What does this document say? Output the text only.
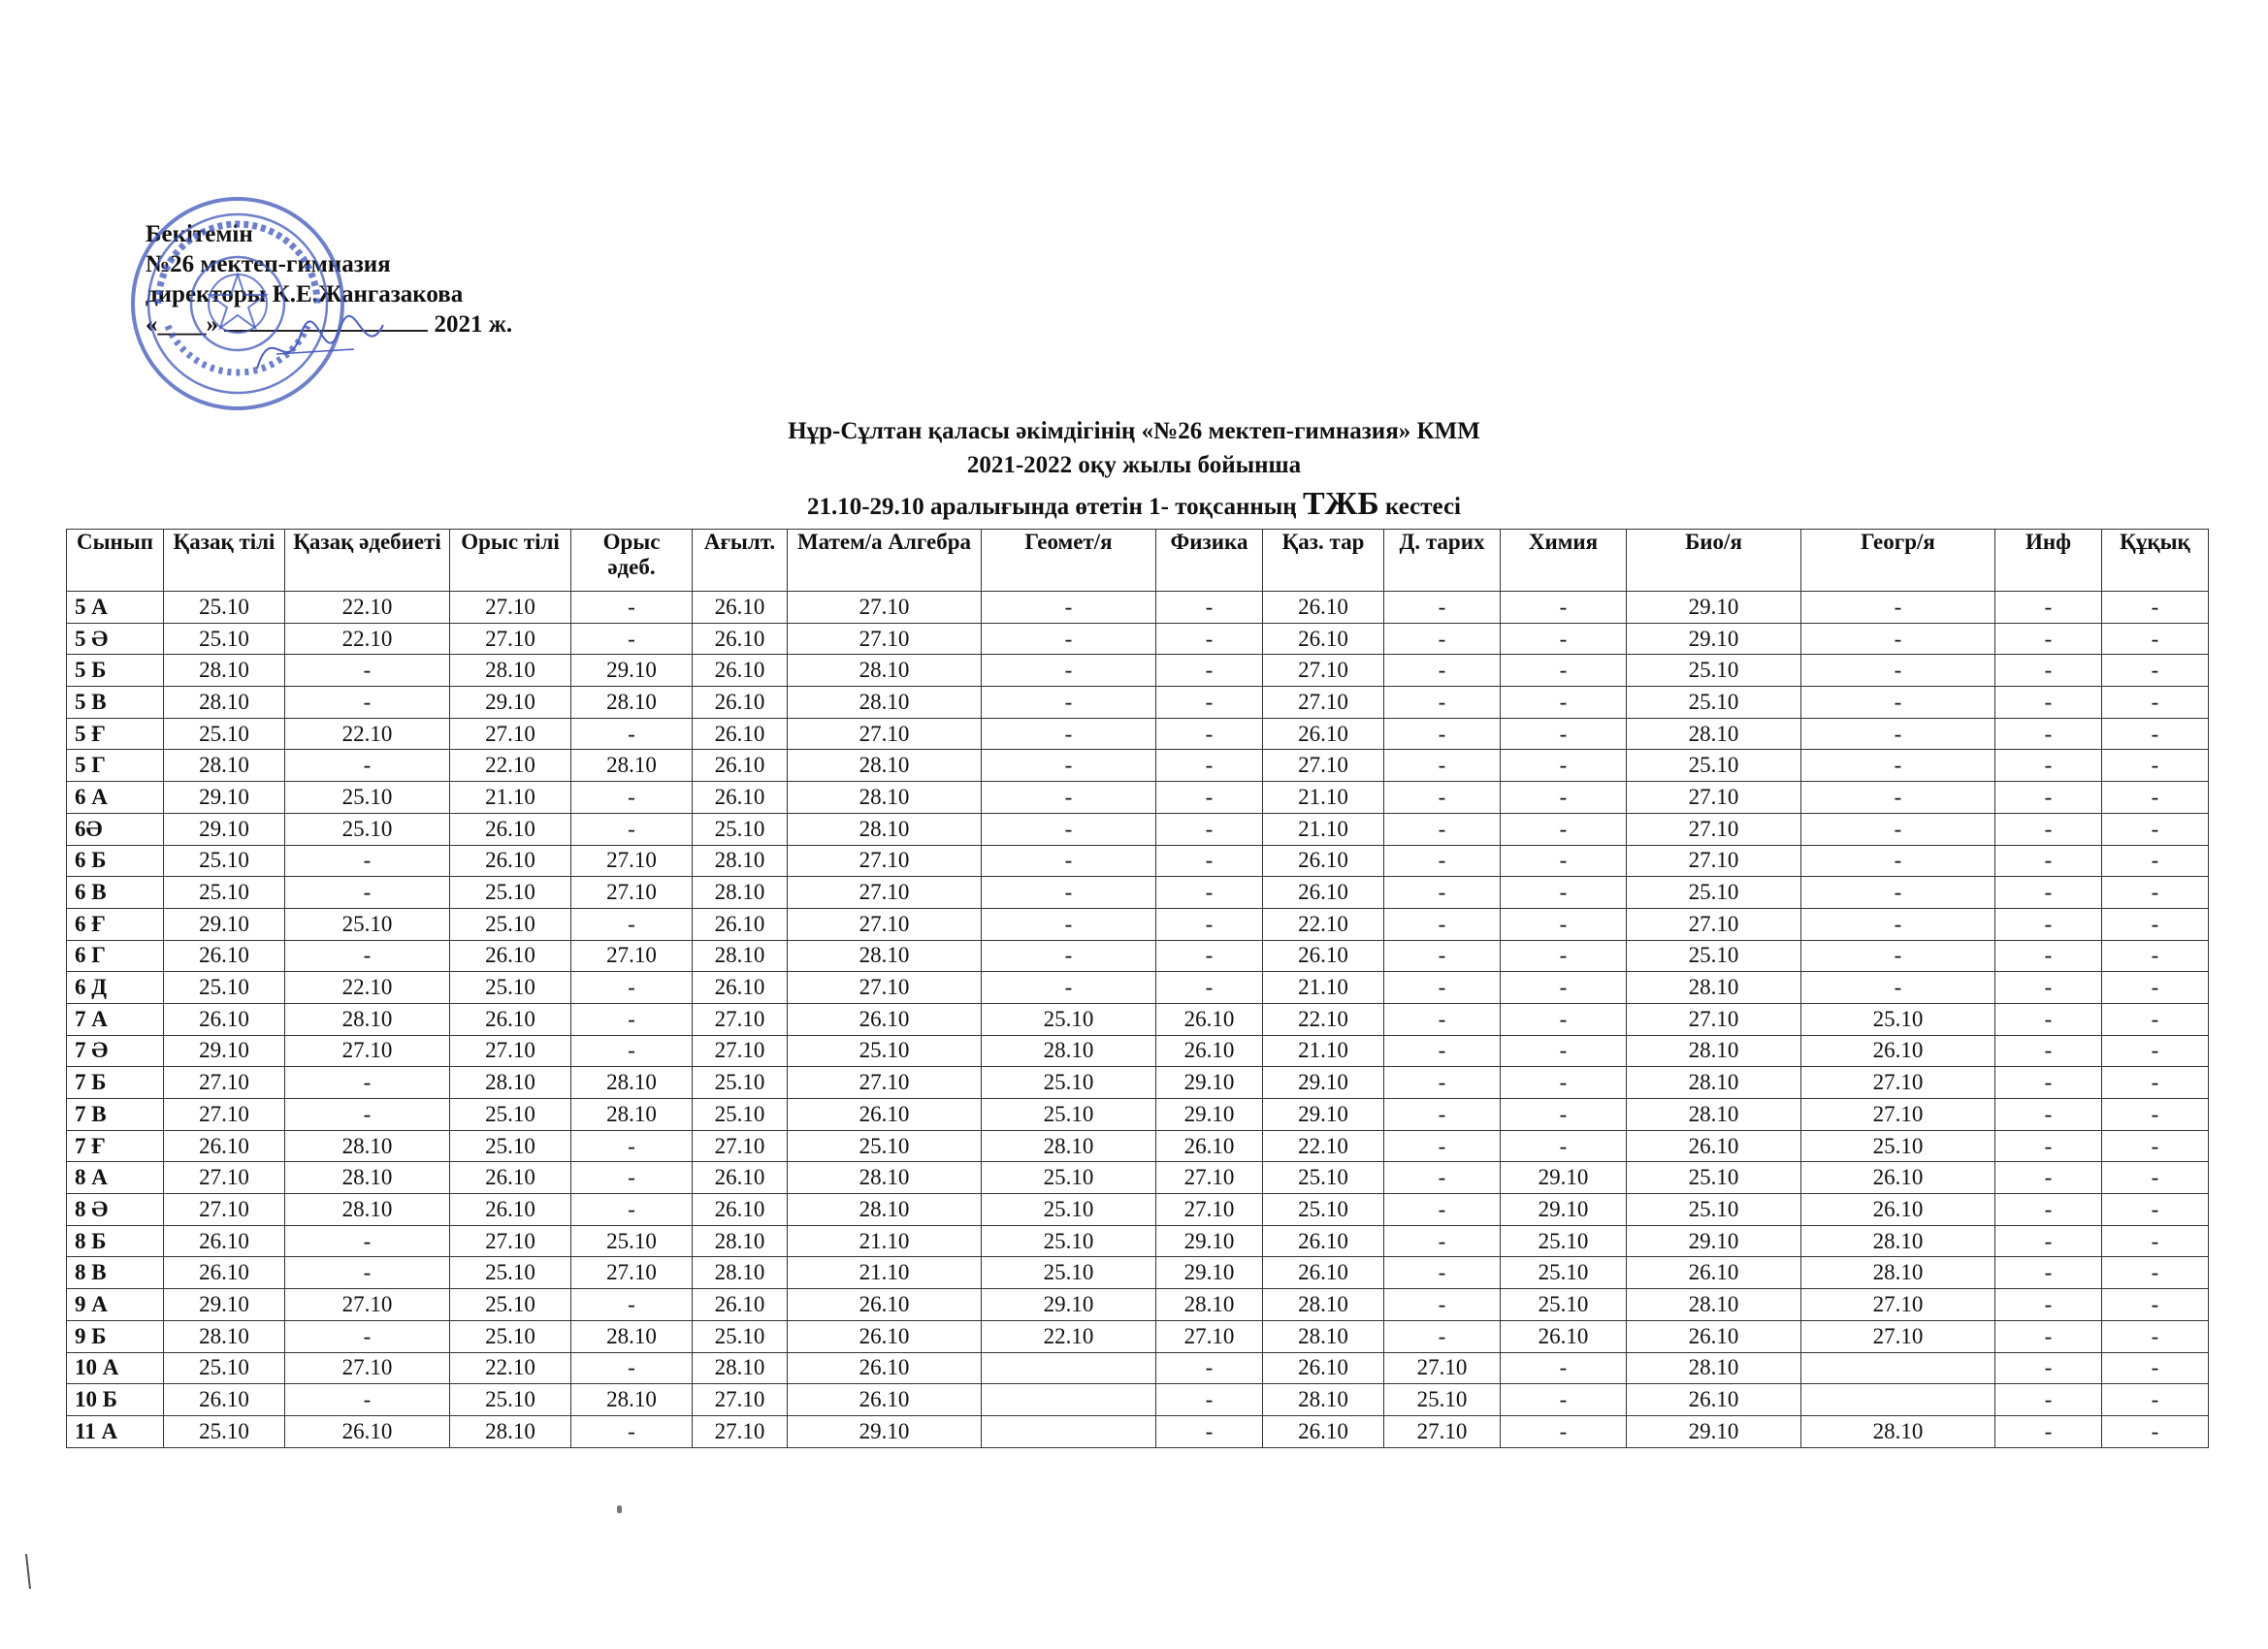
Бекітемін
№26 мектеп-гимназия
директоры К.Е.Жангазакова
«____»	2021 ж.
Нұр-Сұлтан қаласы әкімдігінің «№26 мектеп-гимназия» КММ
2021-2022 оқу жылы бойынша
21.10-29.10 аралығында өтетін 1- тоқсанның ТЖБ кестесі
Сынып	Қазақ тілі	Қазақ әдебиеті	Орыс тілі	Орыс әдеб.	Ағылт.	Матем/а Алгебра	Геомет/я	Физика	Қаз. тар	Д. тарих	Химия	Био/я	Геогр/я	Инф	Құқық
5 А	25.10	22.10	27.10	-	26.10	27.10	-	-	26.10	-	-	29.10	-	-	-
5 Ә	25.10	22.10	27.10	-	26.10	27.10	-	-	26.10	-	-	29.10	-	-	-
5 Б	28.10	-	28.10	29.10	26.10	28.10	-	-	27.10	-	-	25.10	-	-	-
5 В	28.10	-	29.10	28.10	26.10	28.10	-	-	27.10	-	-	25.10	-	-	-
5 Ғ	25.10	22.10	27.10	-	26.10	27.10	-	-	26.10	-	-	28.10	-	-	-
5 Г	28.10	-	22.10	28.10	26.10	28.10	-	-	27.10	-	-	25.10	-	-	-
6 А	29.10	25.10	21.10	-	26.10	28.10	-	-	21.10	-	-	27.10	-	-	-
6Ә	29.10	25.10	26.10	-	25.10	28.10	-	-	21.10	-	-	27.10	-	-	-
6 Б	25.10	-	26.10	27.10	28.10	27.10	-	-	26.10	-	-	27.10	-	-	-
6 В	25.10	-	25.10	27.10	28.10	27.10	-	-	26.10	-	-	25.10	-	-	-
6 Ғ	29.10	25.10	25.10	-	26.10	27.10	-	-	22.10	-	-	27.10	-	-	-
6 Г	26.10	-	26.10	27.10	28.10	28.10	-	-	26.10	-	-	25.10	-	-	-
6 Д	25.10	22.10	25.10	-	26.10	27.10	-	-	21.10	-	-	28.10	-	-	-
7 А	26.10	28.10	26.10	-	27.10	26.10	25.10	26.10	22.10	-	-	27.10	25.10	-	-
7 Ә	29.10	27.10	27.10	-	27.10	25.10	28.10	26.10	21.10	-	-	28.10	26.10	-	-
7 Б	27.10	-	28.10	28.10	25.10	27.10	25.10	29.10	29.10	-	-	28.10	27.10	-	-
7 В	27.10	-	25.10	28.10	25.10	26.10	25.10	29.10	29.10	-	-	28.10	27.10	-	-
7 Ғ	26.10	28.10	25.10	-	27.10	25.10	28.10	26.10	22.10	-	-	26.10	25.10	-	-
8 А	27.10	28.10	26.10	-	26.10	28.10	25.10	27.10	25.10	-	29.10	25.10	26.10	-	-
8 Ә	27.10	28.10	26.10	-	26.10	28.10	25.10	27.10	25.10	-	29.10	25.10	26.10	-	-
8 Б	26.10	-	27.10	25.10	28.10	21.10	25.10	29.10	26.10	-	25.10	29.10	28.10	-	-
8 В	26.10	-	25.10	27.10	28.10	21.10	25.10	29.10	26.10	-	25.10	26.10	28.10	-	-
9 А	29.10	27.10	25.10	-	26.10	26.10	29.10	28.10	28.10	-	25.10	28.10	27.10	-	-
9 Б	28.10	-	25.10	28.10	25.10	26.10	22.10	27.10	28.10	-	26.10	26.10	27.10	-	-
10 А	25.10	27.10	22.10	-	28.10	26.10		-	26.10	27.10	-	28.10		-	-
10 Б	26.10	-	25.10	28.10	27.10	26.10		-	28.10	25.10	-	26.10		-	-
11 А	25.10	26.10	28.10	-	27.10	29.10		-	26.10	27.10	-	29.10	28.10	-	-
